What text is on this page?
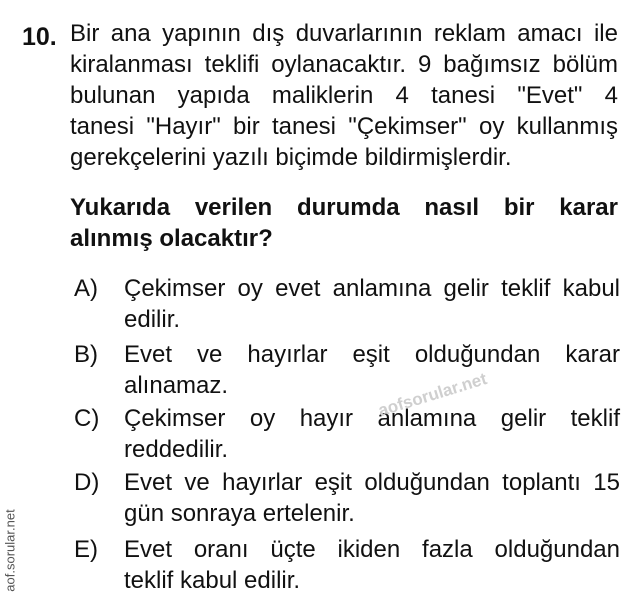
10. Bir ana yapının dış duvarlarının reklam amacı ile
kiralanması teklifi oylanacaktır. 9 bağımsız bölüm
bulunan yapıda maliklerin 4 tanesi ʺEvetʺ 4
tanesi ʺHayırʺ bir tanesi ʺÇekimserʺ oy kullanmış
gerekçelerini yazılı biçimde bildirmişlerdir.
Yukarıda verilen durumda nasıl bir karar
alınmış olacaktır?
A) Çekimser oy evet anlamına gelir teklif kabul
edilir.
B) Evet ve hayırlar eşit olduğundan karar
alınamaz.
C) Çekimser oy hayır anlamına gelir teklif
reddedilir.
D) Evet ve hayırlar eşit olduğundan toplantı 15
gün sonraya ertelenir.
E) Evet oranı üçte ikiden fazla olduğundan
teklif kabul edilir.
aofsorular.net
aof.sorular.net
